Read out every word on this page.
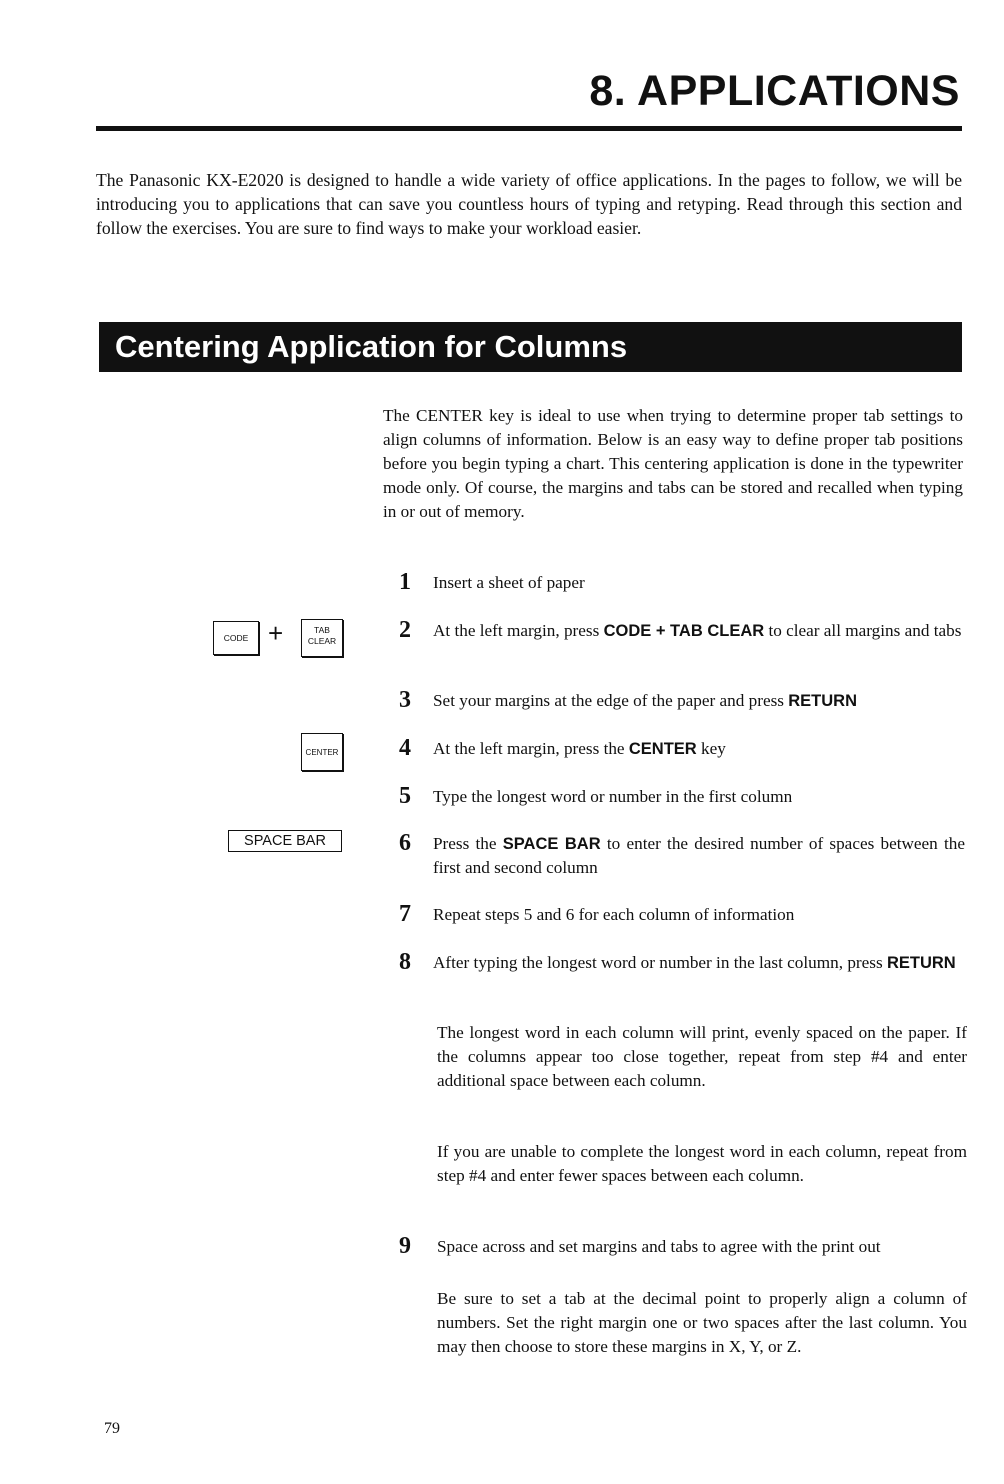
8. APPLICATIONS

The Panasonic KX-E2020 is designed to handle a wide variety of office applications. In the pages to follow, we will be introducing you to applications that can save you countless hours of typing and retyping. Read through this section and follow the exercises. You are sure to find ways to make your workload easier.

Centering Application for Columns

The CENTER key is ideal to use when trying to determine proper tab settings to align columns of information. Below is an easy way to define proper tab positions before you begin typing a chart. This centering application is done in the typewriter mode only. Of course, the margins and tabs can be stored and recalled when typing in or out of memory.

CODE +	TAB
CLEAR
CENTER
SPACE BAR
1 Insert a sheet of paper

2 At the left margin, press CODE + TAB CLEAR to clear all margins and tabs

3 Set your margins at the edge of the paper and press RETURN

4 At the left margin, press the CENTER key

5 Type the longest word or number in the first column

6 Press the SPACE BAR to enter the desired number of spaces between the first and second column

7 Repeat steps 5 and 6 for each column of information

8 After typing the longest word or number in the last column, press RETURN

The longest word in each column will print, evenly spaced on the paper. If the columns appear too close together, repeat from step #4 and enter additional space between each column.

If you are unable to complete the longest word in each column, repeat from step #4 and enter fewer spaces between each column.

9 Space across and set margins and tabs to agree with the print out

Be sure to set a tab at the decimal point to properly align a column of numbers. Set the right margin one or two spaces after the last column. You may then choose to store these margins in X, Y, or Z.

79
